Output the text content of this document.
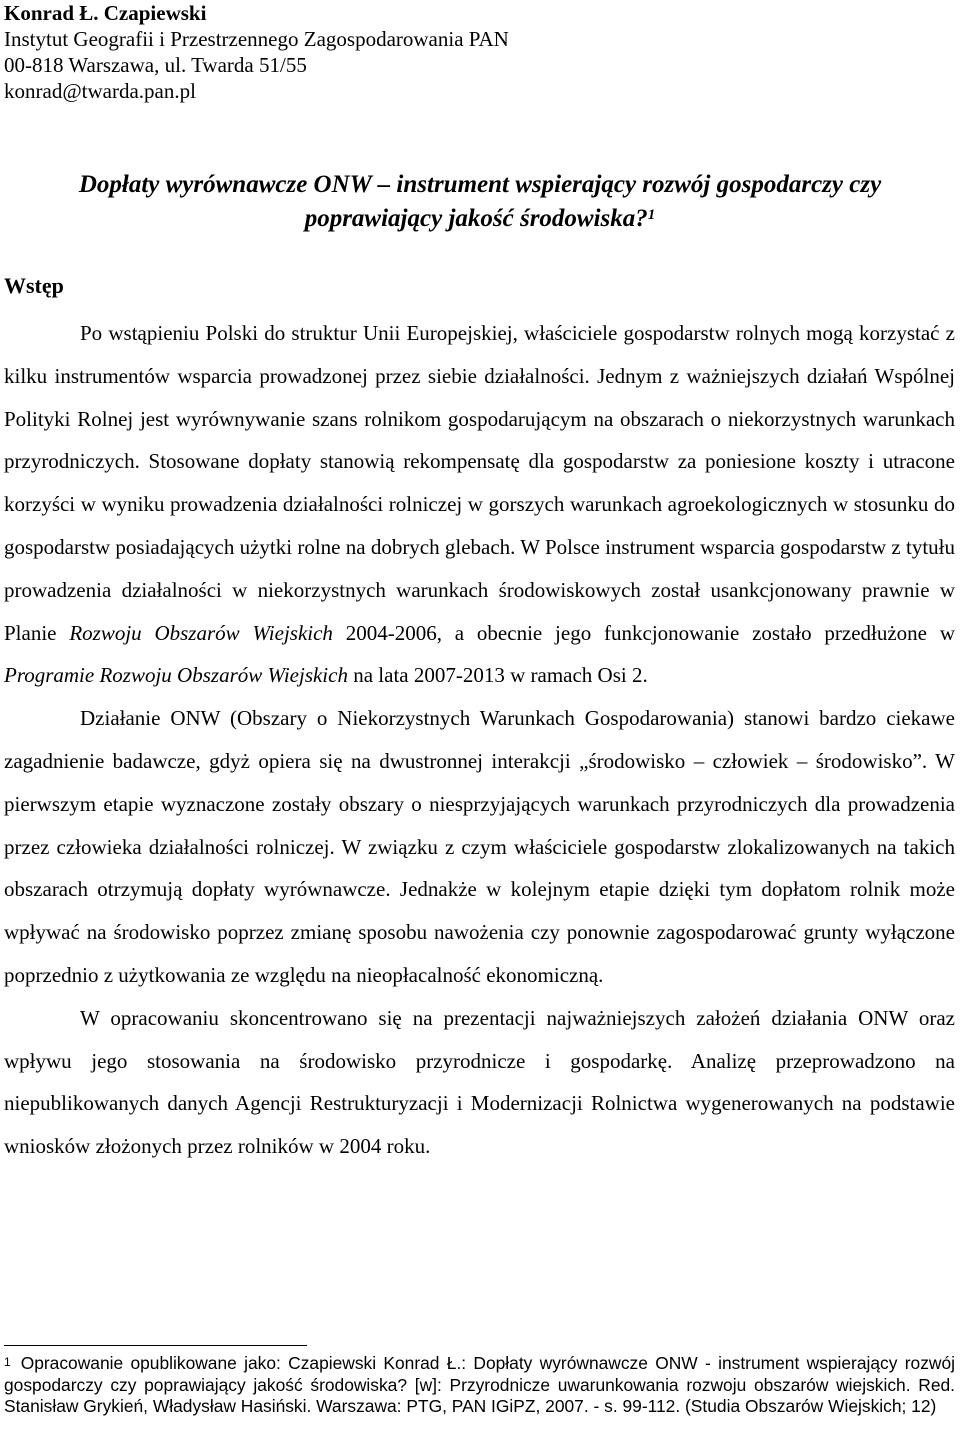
Konrad Ł. Czapiewski
Instytut Geografii i Przestrzennego Zagospodarowania PAN
00-818 Warszawa, ul. Twarda 51/55
konrad@twarda.pan.pl
Dopłaty wyrównawcze ONW – instrument wspierający rozwój gospodarczy czy
poprawiający jakość środowiska?$^1$
Wstęp

Po wstąpieniu Polski do struktur Unii Europejskiej, właściciele gospodarstw rolnych mogą korzystać z kilku instrumentów wsparcia prowadzonej przez siebie działalności. Jednym z ważniejszych działań Wspólnej Polityki Rolnej jest wyrównywanie szans rolnikom gospodarującym na obszarach o niekorzystnych warunkach przyrodniczych. Stosowane dopłaty stanowią rekompensatę dla gospodarstw za poniesione koszty i utracone korzyści w wyniku prowadzenia działalności rolniczej w gorszych warunkach agroekologicznych w stosunku do gospodarstw posiadających użytki rolne na dobrych glebach. W Polsce instrument wsparcia gospodarstw z tytułu prowadzenia działalności w niekorzystnych warunkach środowiskowych został usankcjonowany prawnie w Planie Rozwoju Obszarów Wiejskich 2004-2006, a obecnie jego funkcjonowanie zostało przedłużone w Programie Rozwoju Obszarów Wiejskich na lata 2007-2013 w ramach Osi 2.

Działanie ONW (Obszary o Niekorzystnych Warunkach Gospodarowania) stanowi bardzo ciekawe zagadnienie badawcze, gdyż opiera się na dwustronnej interakcji „środowisko – człowiek – środowisko”. W pierwszym etapie wyznaczone zostały obszary o niesprzyjających warunkach przyrodniczych dla prowadzenia przez człowieka działalności rolniczej. W związku z czym właściciele gospodarstw zlokalizowanych na takich obszarach otrzymują dopłaty wyrównawcze. Jednakże w kolejnym etapie dzięki tym dopłatom rolnik może wpływać na środowisko poprzez zmianę sposobu nawożenia czy ponownie zagospodarować grunty wyłączone poprzednio z użytkowania ze względu na nieopłacalność ekonomiczną.

W opracowaniu skoncentrowano się na prezentacji najważniejszych założeń działania ONW oraz wpływu jego stosowania na środowisko przyrodnicze i gospodarkę. Analizę przeprowadzono na niepublikowanych danych Agencji Restrukturyzacji i Modernizacji Rolnictwa wygenerowanych na podstawie wniosków złożonych przez rolników w 2004 roku.

$^1$ Opracowanie opublikowane jako: Czapiewski Konrad Ł.: Dopłaty wyrównawcze ONW - instrument wspierający rozwój gospodarczy czy poprawiający jakość środowiska? [w]: Przyrodnicze uwarunkowania rozwoju obszarów wiejskich. Red. Stanisław Grykień, Władysław Hasiński. Warszawa: PTG, PAN IGiPZ, 2007. - s. 99-112. (Studia Obszarów Wiejskich; 12)
